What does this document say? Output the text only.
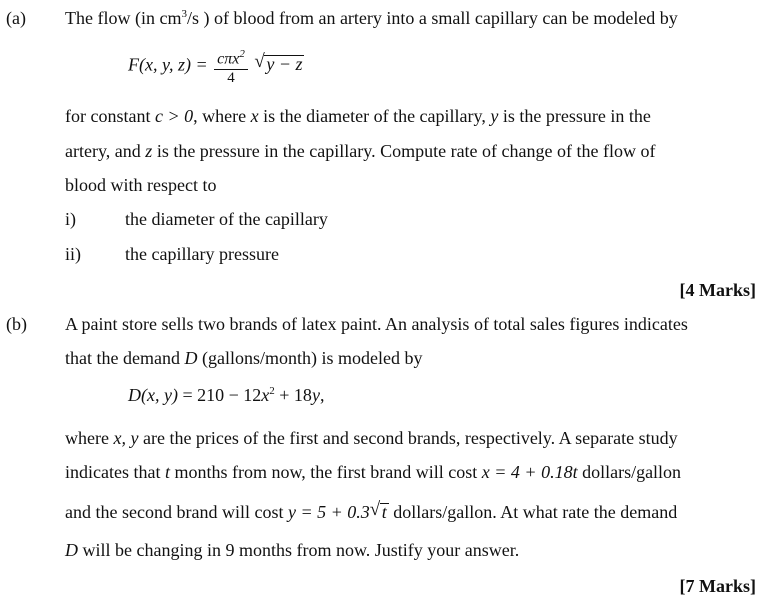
(a) The flow (in $cm^3/s$ ) of blood from an artery into a small capillary can be modeled by
F(x, y, $z) = \frac{c\pi x^2}{4}$
√ y − z
for constant c > 0, where x is the diameter of the capillary, y is the pressure in the
artery, and z is the pressure in the capillary. Compute rate of change of the flow of
blood with respect to
i)	the diameter of the capillary
ii) the capillary pressure
[4 Marks]
(b) A paint store sells two brands of latex paint. An analysis of total sales figures indicates
that the demand D (gallons/month) is modeled by
D(x, $y) = 210 - 12x^2 + 18y$,
where x, y are the prices of the first and second brands, respectively. A separate study
indicates that t months from now, the first brand will cost x = 4 + 0.18t dollars/gallon
and the second brand will cost y = 5 + 0.3 √ t dollars/gallon. At what rate the demand
D will be changing in 9 months from now. Justify your answer.
[7 Marks]
